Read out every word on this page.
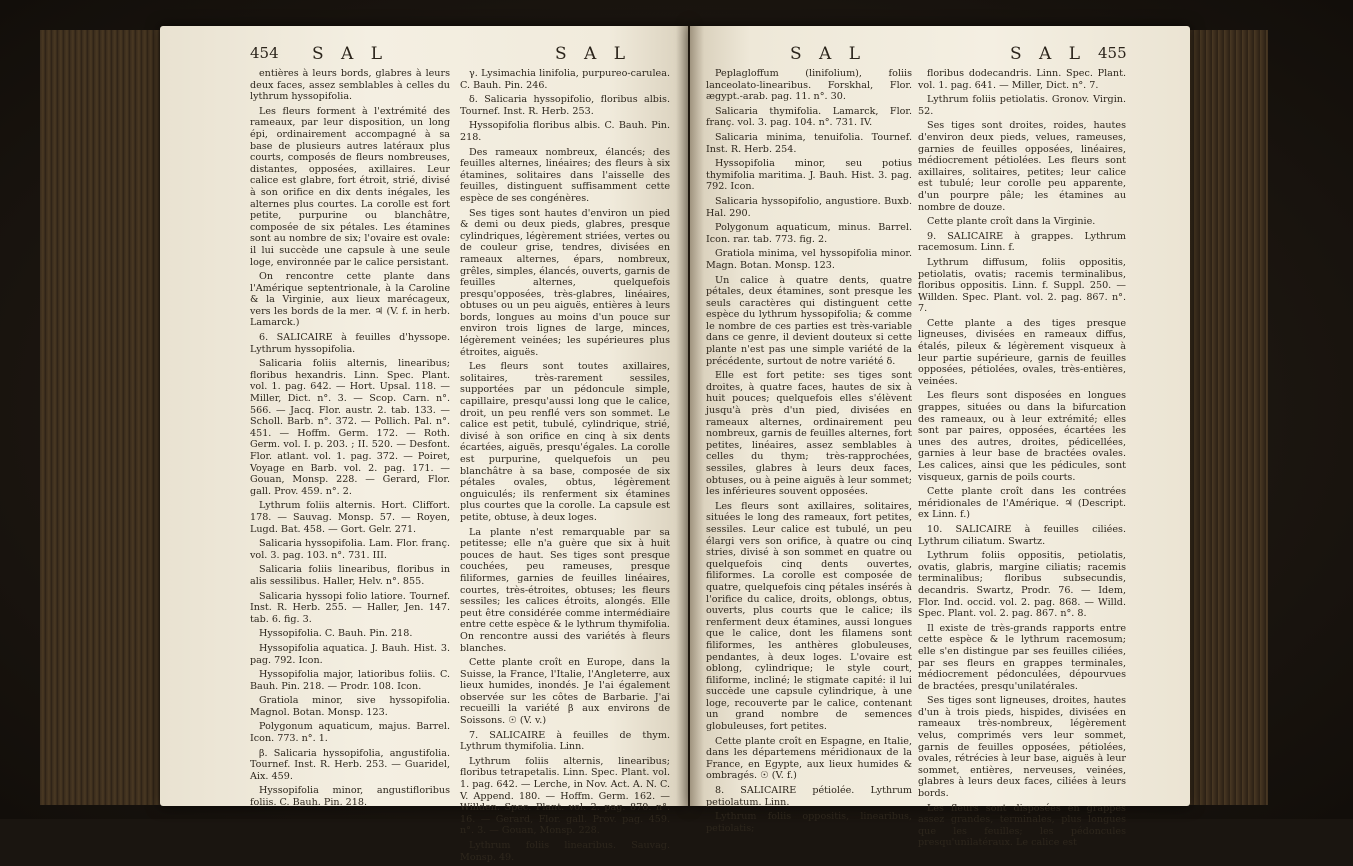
454 S A L	S A L	S A L	S A L 455

entières à leurs bords, glabres à leurs deux faces, assez semblables à celles du lythrum hyssopifolia.

Les fleurs forment à l'extrémité des rameaux, par leur disposition, un long épi, ordinairement accompagné à sa base de plusieurs autres latéraux plus courts, composés de fleurs nombreuses, distantes, opposées, axillaires. Leur calice est glabre, fort étroit, strié, divisé à son orifice en dix dents inégales, les alternes plus courtes. La corolle est fort petite, purpurine ou blanchâtre, composée de six pétales. Les étamines sont au nombre de six; l'ovaire est ovale: il lui succède une capsule à une seule loge, environnée par le calice persistant.

On rencontre cette plante dans l'Amérique septentrionale, à la Caroline & la Virginie, aux lieux marécageux, vers les bords de la mer. ♃ (V. f. in herb. Lamarck.)

6. SALICAIRE à feuilles d'hyssope. Lythrum hyssopifolia.

Salicaria foliis alternis, linearibus; floribus hexandris. Linn. Spec. Plant. vol. 1. pag. 642. — Hort. Upsal. 118. — Miller, Dict. n°. 3. — Scop. Carn. n°. 566. — Jacq. Flor. austr. 2. tab. 133. — Scholl. Barb. n°. 372. — Pollich. Pal. n°. 451. — Hoffm. Germ. 172. — Roth. Germ. vol. I. p. 203. ; II. 520. — Desfont. Flor. atlant. vol. 1. pag. 372. — Poiret, Voyage en Barb. vol. 2. pag. 171. — Gouan, Monsp. 228. — Gerard, Flor. gall. Prov. 459. n°. 2.

Lythrum foliis alternis. Hort. Cliffort. 178. — Sauvag. Monsp. 57. — Royen, Lugd. Bat. 458. — Gort. Gelr. 271.

Salicaria hyssopifolia. Lam. Flor. franç. vol. 3. pag. 103. n°. 731. III.

Salicaria foliis linearibus, floribus in alis sessilibus. Haller, Helv. n°. 855.

Salicaria hyssopi folio latiore. Tournef. Inst. R. Herb. 255. — Haller, Jen. 147. tab. 6. fig. 3.

Hyssopifolia. C. Bauh. Pin. 218.

Hyssopifolia aquatica. J. Bauh. Hist. 3. pag. 792. Icon.

Hyssopifolia major, latioribus foliis. C. Bauh. Pin. 218. — Prodr. 108. Icon.

Gratiola minor, sive hyssopifolia. Magnol. Botan. Monsp. 123.

Polygonum aquaticum, majus. Barrel. Icon. 773. n°. 1.

β. Salicaria hyssopifolia, angustifolia. Tournef. Inst. R. Herb. 253. — Guaridel, Aix. 459.

Hyssopifolia minor, angustifloribus foliis. C. Bauh. Pin. 218.

γ. Lysimachia linifolia, purpureo-carulea. C. Bauh. Pin. 246.

δ. Salicaria hyssopifolio, floribus albis. Tournef. Inst. R. Herb. 253.

Hyssopifolia floribus albis. C. Bauh. Pin. 218.

Des rameaux nombreux, élancés; des feuilles alternes, linéaires; des fleurs à six étamines, solitaires dans l'aisselle des feuilles, distinguent suffisamment cette espèce de ses congénères.

Ses tiges sont hautes d'environ un pied & demi ou deux pieds, glabres, presque cylindriques, légèrement striées, vertes ou de couleur grise, tendres, divisées en rameaux alternes, épars, nombreux, grêles, simples, élancés, ouverts, garnis de feuilles alternes, quelquefois presqu'opposées, très-glabres, linéaires, obtuses ou un peu aiguës, entières à leurs bords, longues au moins d'un pouce sur environ trois lignes de large, minces, légèrement veinées; les supérieures plus étroites, aiguës.

Les fleurs sont toutes axillaires, solitaires, très-rarement sessiles, supportées par un pédoncule simple, capillaire, presqu'aussi long que le calice, droit, un peu renflé vers son sommet. Le calice est petit, tubulé, cylindrique, strié, divisé à son orifice en cinq à six dents écartées, aiguës, presqu'égales. La corolle est purpurine, quelquefois un peu blanchâtre à sa base, composée de six pétales ovales, obtus, légèrement onguiculés; ils renferment six étamines plus courtes que la corolle. La capsule est petite, obtuse, à deux loges.

La plante n'est remarquable par sa petitesse; elle n'a guère que six à huit pouces de haut. Ses tiges sont presque couchées, peu rameuses, presque filiformes, garnies de feuilles linéaires, courtes, très-étroites, obtuses; les fleurs sessiles; les calices étroits, alongés. Elle peut être considérée comme intermédiaire entre cette espèce & le lythrum thymifolia. On rencontre aussi des variétés à fleurs blanches.

Cette plante croît en Europe, dans la Suisse, la France, l'Italie, l'Angleterre, aux lieux humides, inondés. Je l'ai également observée sur les côtes de Barbarie. J'ai recueilli la variété β aux environs de Soissons. ☉ (V. v.)

7. SALICAIRE à feuilles de thym. Lythrum thymifolia. Linn.

Lythrum foliis alternis, linearibus; floribus tetrapetalis. Linn. Spec. Plant. vol. 1. pag. 642. — Lerche, in Nov. Act. A. N. C. V. Append. 180. — Hoffm. Germ. 162. — Willden. Spec. Plant. vol. 2. pag. 870. n°. 16. — Gerard, Flor. gall. Prov. pag. 459. n°. 3. — Gouan, Monsp. 228.

Lythrum foliis linearibus. Sauvag. Monsp. 49.

Peplagloffum (linifolium), foliis lanceolato-linearibus. Forskhal, Flor. ægypt.-arab. pag. 11. n°. 30.

Salicaria thymifolia. Lamarck, Flor. franç. vol. 3. pag. 104. n°. 731. IV.

Salicaria minima, tenuifolia. Tournef. Inst. R. Herb. 254.

Hyssopifolia minor, seu potius thymifolia maritima. J. Bauh. Hist. 3. pag. 792. Icon.

Salicaria hyssopifolio, angustiore. Buxb. Hal. 290.

Polygonum aquaticum, minus. Barrel. Icon. rar. tab. 773. fig. 2.

Gratiola minima, vel hyssopifolia minor. Magn. Botan. Monsp. 123.

Un calice à quatre dents, quatre pétales, deux étamines, sont presque les seuls caractères qui distinguent cette espèce du lythrum hyssopifolia; & comme le nombre de ces parties est très-variable dans ce genre, il devient douteux si cette plante n'est pas une simple variété de la précédente, surtout de notre variété δ.

Elle est fort petite: ses tiges sont droites, à quatre faces, hautes de six à huit pouces; quelquefois elles s'élèvent jusqu'à près d'un pied, divisées en rameaux alternes, ordinairement peu nombreux, garnis de feuilles alternes, fort petites, linéaires, assez semblables à celles du thym; très-rapprochées, sessiles, glabres à leurs deux faces, obtuses, ou à peine aiguës à leur sommet; les inférieures souvent opposées.

Les fleurs sont axillaires, solitaires, situées le long des rameaux, fort petites, sessiles. Leur calice est tubulé, un peu élargi vers son orifice, à quatre ou cinq stries, divisé à son sommet en quatre ou quelquefois cinq dents ouvertes, filiformes. La corolle est composée de quatre, quelquefois cinq pétales insérés à l'orifice du calice, droits, oblongs, obtus, ouverts, plus courts que le calice; ils renferment deux étamines, aussi longues que le calice, dont les filamens sont filiformes, les anthères globuleuses, pendantes, à deux loges. L'ovaire est oblong, cylindrique; le style court, filiforme, incliné; le stigmate capité: il lui succède une capsule cylindrique, à une loge, recouverte par le calice, contenant un grand nombre de semences globuleuses, fort petites.

Cette plante croît en Espagne, en Italie, dans les départemens méridionaux de la France, en Egypte, aux lieux humides & ombragés. ☉ (V. f.)

8. SALICAIRE pétiolée. Lythrum petiolatum. Linn.

Lythrum foliis oppositis, linearibus, petiolatis;

floribus dodecandris. Linn. Spec. Plant. vol. 1. pag. 641. — Miller, Dict. n°. 7.

Lythrum foliis petiolatis. Gronov. Virgin. 52.

Ses tiges sont droites, roides, hautes d'environ deux pieds, velues, rameuses, garnies de feuilles opposées, linéaires, médiocrement pétiolées. Les fleurs sont axillaires, solitaires, petites; leur calice est tubulé; leur corolle peu apparente, d'un pourpre pâle; les étamines au nombre de douze.

Cette plante croît dans la Virginie.

9. SALICAIRE à grappes. Lythrum racemosum. Linn. f.

Lythrum diffusum, foliis oppositis, petiolatis, ovatis; racemis terminalibus, floribus oppositis. Linn. f. Suppl. 250. — Willden. Spec. Plant. vol. 2. pag. 867. n°. 7.

Cette plante a des tiges presque ligneuses, divisées en rameaux diffus, étalés, pileux & légèrement visqueux à leur partie supérieure, garnis de feuilles opposées, pétiolées, ovales, très-entières, veinées.

Les fleurs sont disposées en longues grappes, situées ou dans la bifurcation des rameaux, ou à leur extrémité; elles sont par paires, opposées, écartées les unes des autres, droites, pédicellées, garnies à leur base de bractées ovales. Les calices, ainsi que les pédicules, sont visqueux, garnis de poils courts.

Cette plante croît dans les contrées méridionales de l'Amérique. ♃ (Descript. ex Linn. f.)

10. SALICAIRE à feuilles ciliées. Lythrum ciliatum. Swartz.

Lythrum foliis oppositis, petiolatis, ovatis, glabris, margine ciliatis; racemis terminalibus; floribus subsecundis, decandris. Swartz, Prodr. 76. — Idem, Flor. Ind. occid. vol. 2. pag. 868. — Willd. Spec. Plant. vol. 2. pag. 867. n°. 8.

Il existe de très-grands rapports entre cette espèce & le lythrum racemosum; elle s'en distingue par ses feuilles ciliées, par ses fleurs en grappes terminales, médiocrement pédonculées, dépourvues de bractées, presqu'unilatérales.

Ses tiges sont ligneuses, droites, hautes d'un à trois pieds, hispides, divisées en rameaux très-nombreux, légèrement velus, comprimés vers leur sommet, garnis de feuilles opposées, pétiolées, ovales, rétrécies à leur base, aiguës à leur sommet, entières, nerveuses, veinées, glabres à leurs deux faces, ciliées à leurs bords.

Les fleurs sont disposées en grappes assez grandes, terminales, plus longues que les feuilles; les pédoncules presqu'unilatéraux. Le calice est
